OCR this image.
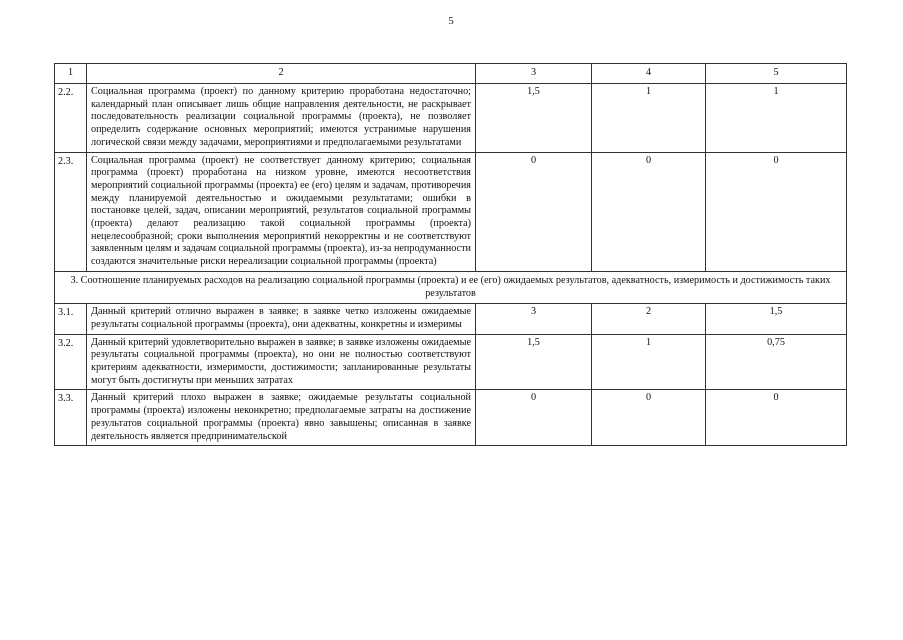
5
1	2	3	4	5
2.2.	Социальная программа (проект) по данному критерию проработана недостаточно; календарный план описывает лишь общие направления деятельности, не раскрывает последовательность реализации социальной программы (проекта), не позволяет определить содержание основных мероприятий; имеются устранимые нарушения логической связи между задачами, мероприятиями и предполагаемыми результатами	1,5	1	1
2.3.	Социальная программа (проект) не соответствует данному критерию; социальная программа (проект) проработана на низком уровне, имеются несоответствия мероприятий социальной программы (проекта) ее (его) целям и задачам, противоречия между планируемой деятельностью и ожидаемыми результатами; ошибки в постановке целей, задач, описании мероприятий, результатов социальной программы (проекта) делают реализацию такой социальной программы (проекта) нецелесообразной; сроки выполнения мероприятий некорректны и не соответствуют заявленным целям и задачам социальной программы (проекта), из-за непродуманности создаются значительные риски нереализации социальной программы (проекта)	0	0	0
3. Соотношение планируемых расходов на реализацию социальной программы (проекта) и ее (его) ожидаемых результатов, адекватность, измеримость и достижимость таких результатов				
3.1.	Данный критерий отлично выражен в заявке; в заявке четко изложены ожидаемые результаты социальной программы (проекта), они адекватны, конкретны и измеримы	3	2	1,5
3.2.	Данный критерий удовлетворительно выражен в заявке; в заявке изложены ожидаемые результаты социальной программы (проекта), но они не полностью соответствуют критериям адекватности, измеримости, достижимости; запланированные результаты могут быть достигнуты при меньших затратах	1,5	1	0,75
3.3.	Данный критерий плохо выражен в заявке; ожидаемые результаты социальной программы (проекта) изложены неконкретно; предполагаемые затраты на достижение результатов социальной программы (проекта) явно завышены; описанная в заявке деятельность является предпринимательской	0	0	0
